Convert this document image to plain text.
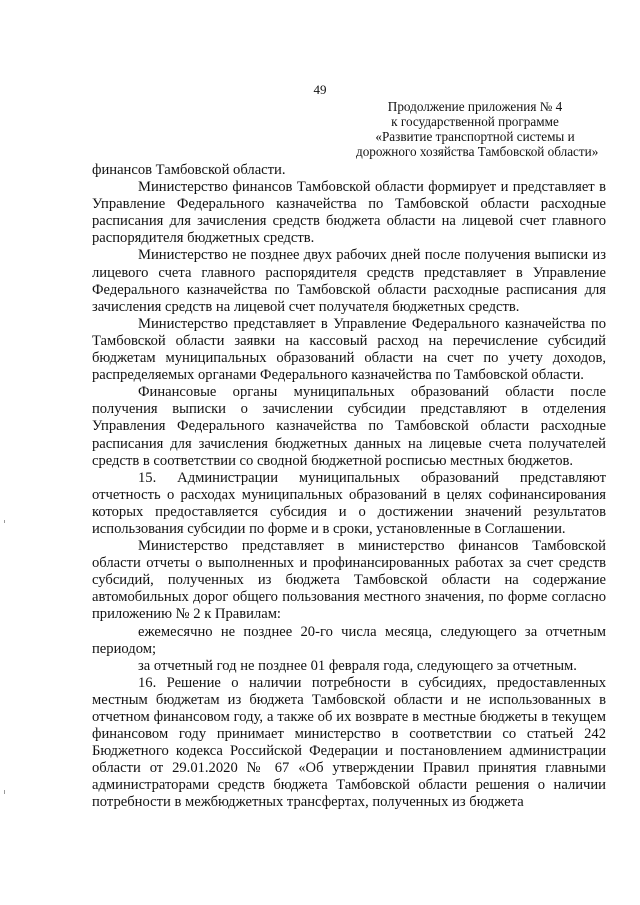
49
Продолжение приложения № 4
к государственной программе
«Развитие транспортной системы и
дорожного хозяйства Тамбовской области»

финансов Тамбовской области.

Министерство финансов Тамбовской области формирует и представляет в Управление Федерального казначейства по Тамбовской области расходные расписания для зачисления средств бюджета области на лицевой счет главного распорядителя бюджетных средств.

Министерство не позднее двух рабочих дней после получения выписки из лицевого счета главного распорядителя средств представляет в Управление Федерального казначейства по Тамбовской области расходные расписания для зачисления средств на лицевой счет получателя бюджетных средств.

Министерство представляет в Управление Федерального казначейства по Тамбовской области заявки на кассовый расход на перечисление субсидий бюджетам муниципальных образований области на счет по учету доходов, распределяемых органами Федерального казначейства по Тамбовской области.

Финансовые органы муниципальных образований области после получения выписки о зачислении субсидии представляют в отделения Управления Федерального казначейства по Тамбовской области расходные расписания для зачисления бюджетных данных на лицевые счета получателей средств в соответствии со сводной бюджетной росписью местных бюджетов.

15. Администрации муниципальных образований представляют отчетность о расходах муниципальных образований в целях софинансирования которых предоставляется субсидия и о достижении значений результатов использования субсидии по форме и в сроки, установленные в Соглашении.

Министерство представляет в министерство финансов Тамбовской области отчеты о выполненных и профинансированных работах за счет средств субсидий, полученных из бюджета Тамбовской области на содержание автомобильных дорог общего пользования местного значения, по форме согласно приложению № 2 к Правилам:

ежемесячно не позднее 20-го числа месяца, следующего за отчетным периодом;

за отчетный год не позднее 01 февраля года, следующего за отчетным.

16. Решение о наличии потребности в субсидиях, предоставленных местным бюджетам из бюджета Тамбовской области и не использованных в отчетном финансовом году, а также об их возврате в местные бюджеты в текущем финансовом году принимает министерство в соответствии со статьей 242 Бюджетного кодекса Российской Федерации и постановлением администрации области от 29.01.2020 № 67 «Об утверждении Правил принятия главными администраторами средств бюджета Тамбовской области решения о наличии потребности в межбюджетных трансфертах, полученных из бюджета
